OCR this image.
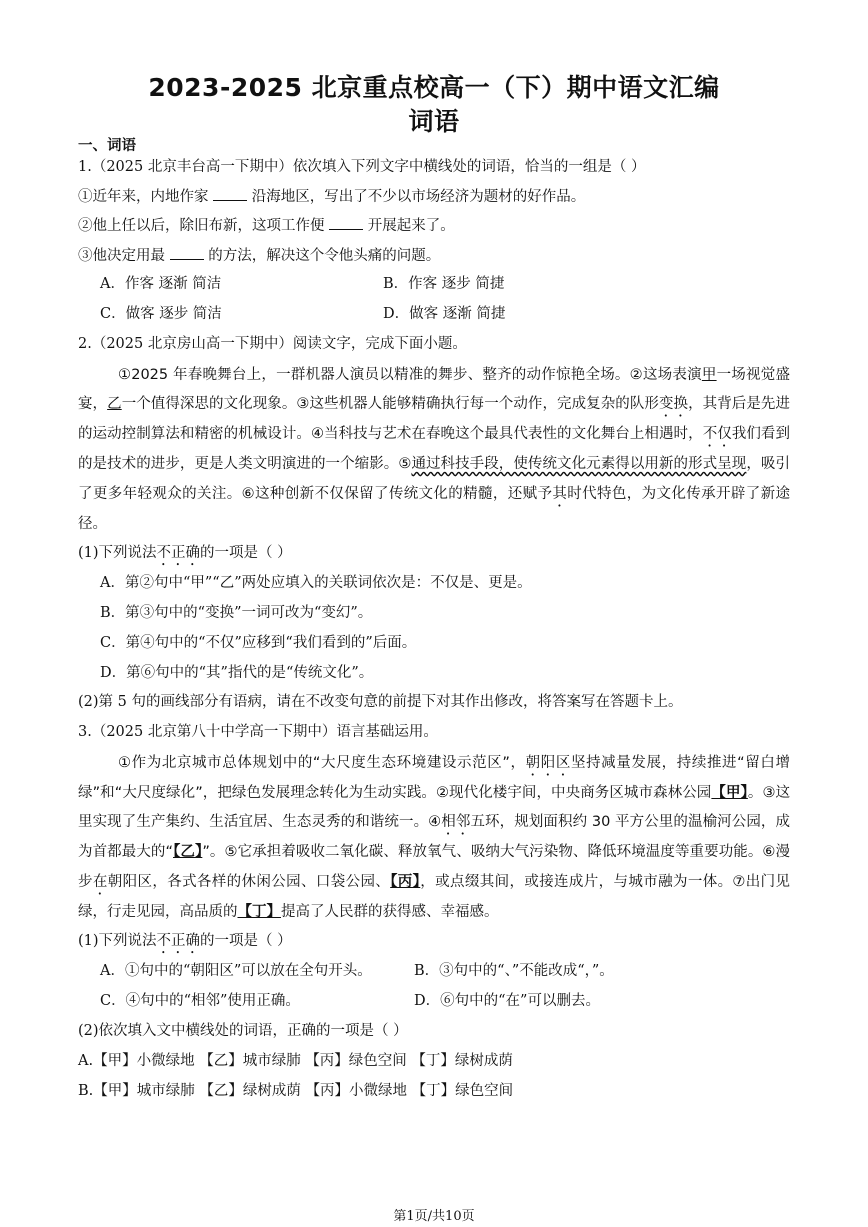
2023-2025 北京重点校高一（下）期中语文汇编
词语
一、词语
1.（2025 北京丰台高一下期中）依次填入下列文字中横线处的词语，恰当的一组是（ ）
①近年来，内地作家	沿海地区，写出了不少以市场经济为题材的好作品。
②他上任以后，除旧布新，这项工作便	开展起来了。
③他决定用最	的方法，解决这个令他头痛的问题。
A．作客 逐渐 简洁	B．作客 逐步 简捷
C．做客 逐步 简洁	D．做客 逐渐 简捷
2.（2025 北京房山高一下期中）阅读文字，完成下面小题。
①2025 年春晚舞台上，一群机器人演员以精准的舞步、整齐的动作惊艳全场。②这场表演甲一场视觉盛宴，乙一个值得深思的文化现象。③这些机器人能够精确执行每一个动作，完成复杂的队形变换，其背后是先进的运动控制算法和精密的机械设计。④当科技与艺术在春晚这个最具代表性的文化舞台上相遇时，不仅我们看到的是技术的进步，更是人类文明演进的一个缩影。⑤通过科技手段，使传统文化元素得以用新的形式呈现，吸引了更多年轻观众的关注。⑥这种创新不仅保留了传统文化的精髓，还赋予其时代特色，为文化传承开辟了新途径。
(1)下列说法不正确的一项是（ ）
A．第②句中“甲”“乙”两处应填入的关联词依次是：不仅是、更是。
B．第③句中的“变换”一词可改为“变幻”。
C．第④句中的“不仅”应移到“我们看到的”后面。
D．第⑥句中的“其”指代的是“传统文化”。
(2)第 5 句的画线部分有语病，请在不改变句意的前提下对其作出修改，将答案写在答题卡上。
3.（2025 北京第八十中学高一下期中）语言基础运用。
①作为北京城市总体规划中的“大尺度生态环境建设示范区”，朝阳区坚持减量发展，持续推进“留白增绿”和“大尺度绿化”，把绿色发展理念转化为生动实践。②现代化楼宇间，中央商务区城市森林公园【甲】。③这里实现了生产集约、生活宜居、生态灵秀的和谐统一。④相邻五环，规划面积约 30 平方公里的温榆河公园，成为首都最大的“【乙】”。⑤它承担着吸收二氧化碳、释放氧气、吸纳大气污染物、降低环境温度等重要功能。⑥漫步在朝阳区，各式各样的休闲公园、口袋公园、【丙】，或点缀其间，或接连成片，与城市融为一体。⑦出门见绿，行走见园，高品质的【丁】提高了人民群的获得感、幸福感。
(1)下列说法不正确的一项是（ ）
A．①句中的“朝阳区”可以放在全句开头。	B．③句中的“、”不能改成“，”。
C．④句中的“相邻”使用正确。	D．⑥句中的“在”可以删去。
(2)依次填入文中横线处的词语，正确的一项是（ ）
A.【甲】小微绿地 【乙】城市绿肺 【丙】绿色空间 【丁】绿树成荫
B.【甲】城市绿肺 【乙】绿树成荫 【丙】小微绿地 【丁】绿色空间
第1页/共10页
